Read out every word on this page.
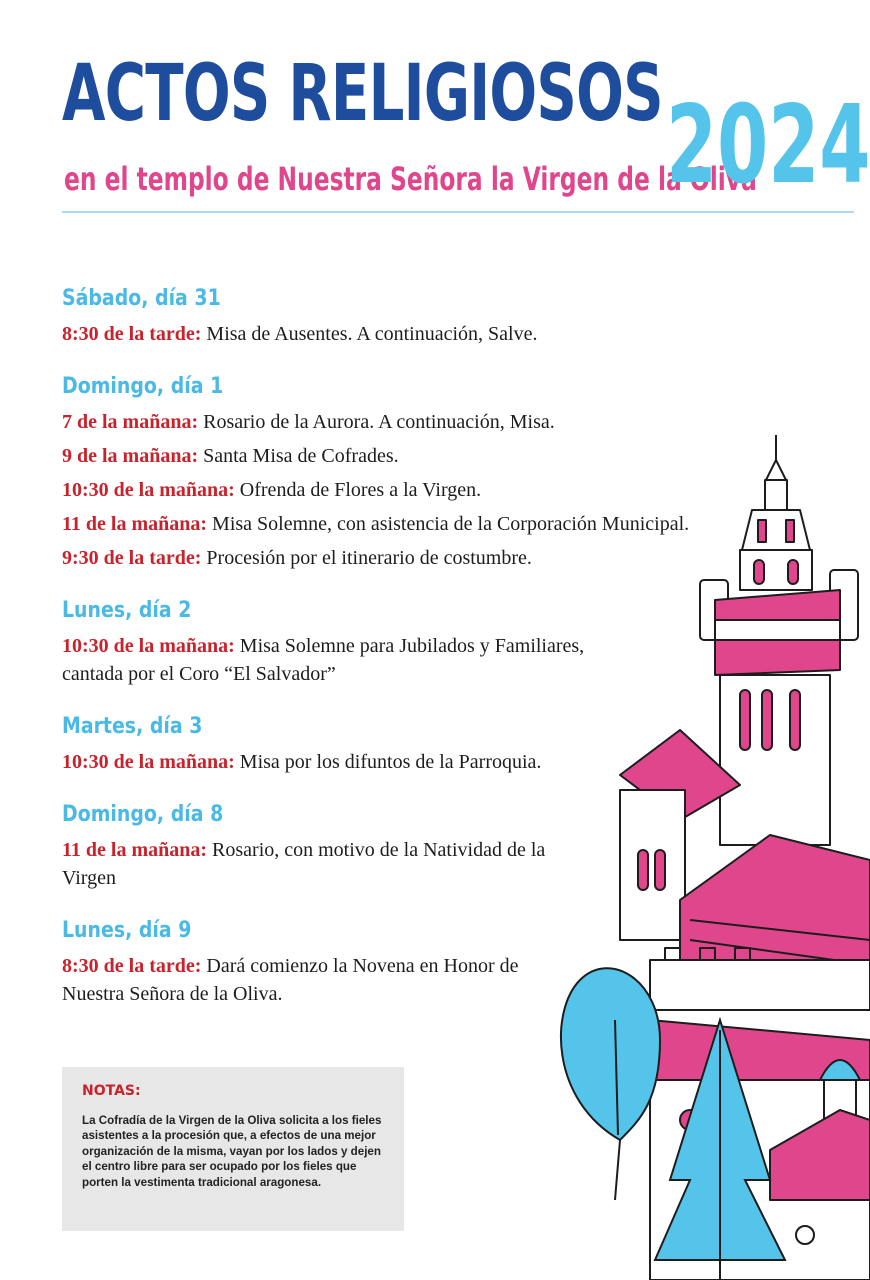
ACTOS RELIGIOSOS

en el templo de Nuestra Señora la Virgen de la Oliva

2024

Sábado, día 31

8:30 de la tarde: Misa de Ausentes. A continuación, Salve.

Domingo, día 1

7 de la mañana: Rosario de la Aurora. A continuación, Misa.

9 de la mañana: Santa Misa de Cofrades.

10:30 de la mañana: Ofrenda de Flores a la Virgen.

11 de la mañana: Misa Solemne, con asistencia de la Corporación Municipal.

9:30 de la tarde: Procesión por el itinerario de costumbre.

Lunes, día 2

10:30 de la mañana: Misa Solemne para Jubilados y Familiares, cantada por el Coro “El Salvador”

Martes, día 3

10:30 de la mañana: Misa por los difuntos de la Parroquia.

Domingo, día 8

11 de la mañana: Rosario, con motivo de la Natividad de la Virgen

Lunes, día 9

8:30 de la tarde: Dará comienzo la Novena en Honor de Nuestra Señora de la Oliva.

NOTAS:

La Cofradía de la Virgen de la Oliva solicita a los fieles asistentes a la procesión que, a efectos de una mejor organización de la misma, vayan por los lados y dejen el centro libre para ser ocupado por los fieles que porten la vestimenta tradicional aragonesa.
